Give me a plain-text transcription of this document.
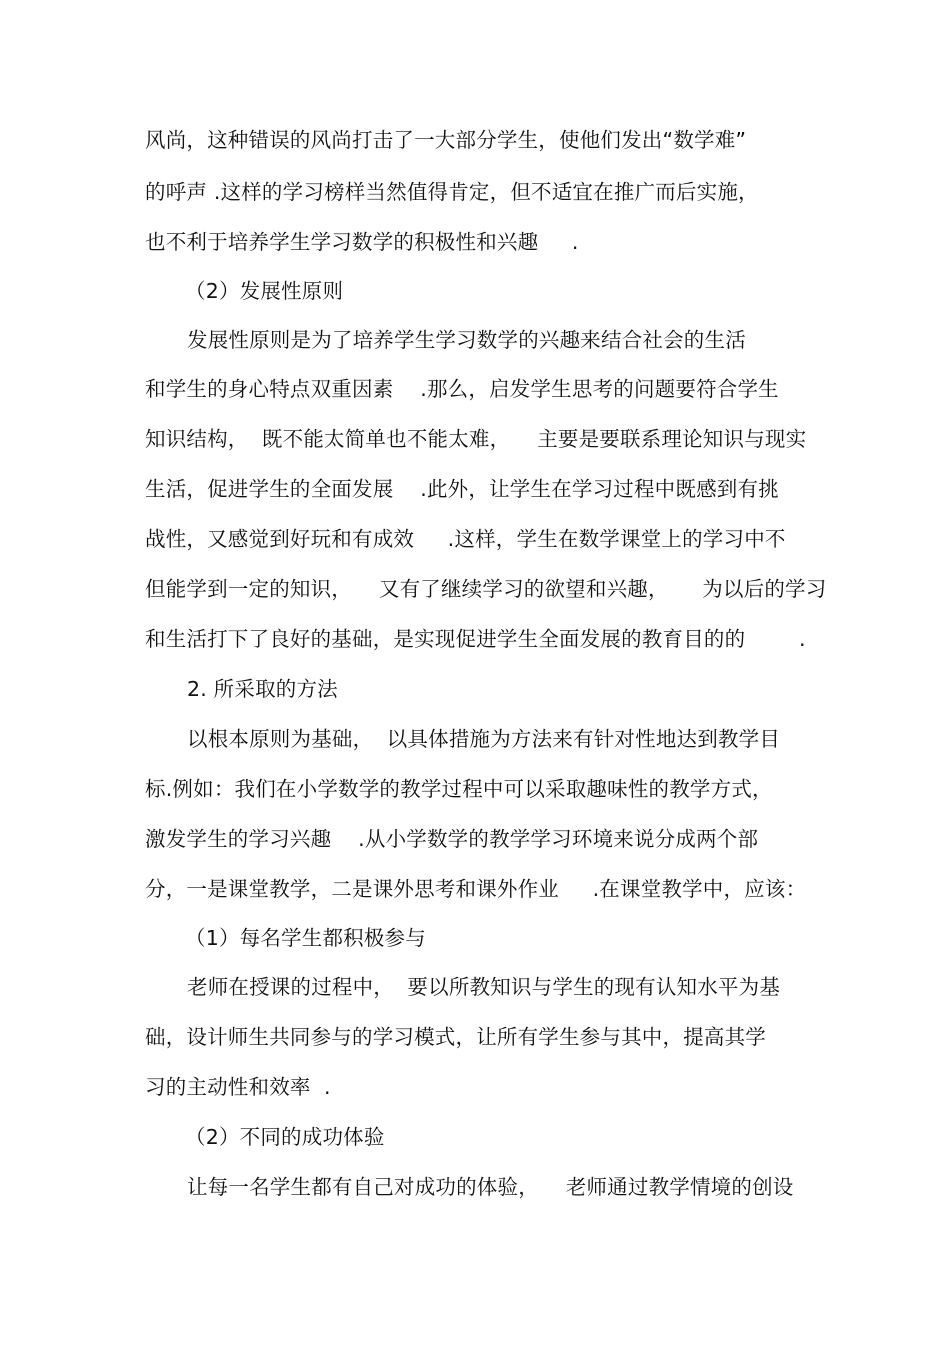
风尚，这种错误的风尚打击了一大部分学生，使他们发出“数学难”
的呼声 .这样的学习榜样当然值得肯定，但不适宜在推广而后实施，
也不利于培养学生学习数学的积极性和兴趣     .
（2）发展性原则
发展性原则是为了培养学生学习数学的兴趣来结合社会的生活
和学生的身心特点双重因素    .那么，启发学生思考的问题要符合学生
知识结构，  既不能太简单也不能太难，    主要是要联系理论知识与现实
生活，促进学生的全面发展    .此外，让学生在学习过程中既感到有挑
战性，又感觉到好玩和有成效     .这样，学生在数学课堂上的学习中不
但能学到一定的知识，    又有了继续学习的欲望和兴趣，     为以后的学习
和生活打下了良好的基础，是实现促进学生全面发展的教育目的的        .
2. 所采取的方法
以根本原则为基础，  以具体措施为方法来有针对性地达到教学目
标.例如：我们在小学数学的教学过程中可以采取趣味性的教学方式，
激发学生的学习兴趣    .从小学数学的教学学习环境来说分成两个部
分，一是课堂教学，二是课外思考和课外作业     .在课堂教学中，应该：
（1）每名学生都积极参与
老师在授课的过程中，  要以所教知识与学生的现有认知水平为基
础，设计师生共同参与的学习模式，让所有学生参与其中，提高其学
习的主动性和效率  .
（2）不同的成功体验
让每一名学生都有自己对成功的体验，    老师通过教学情境的创设
